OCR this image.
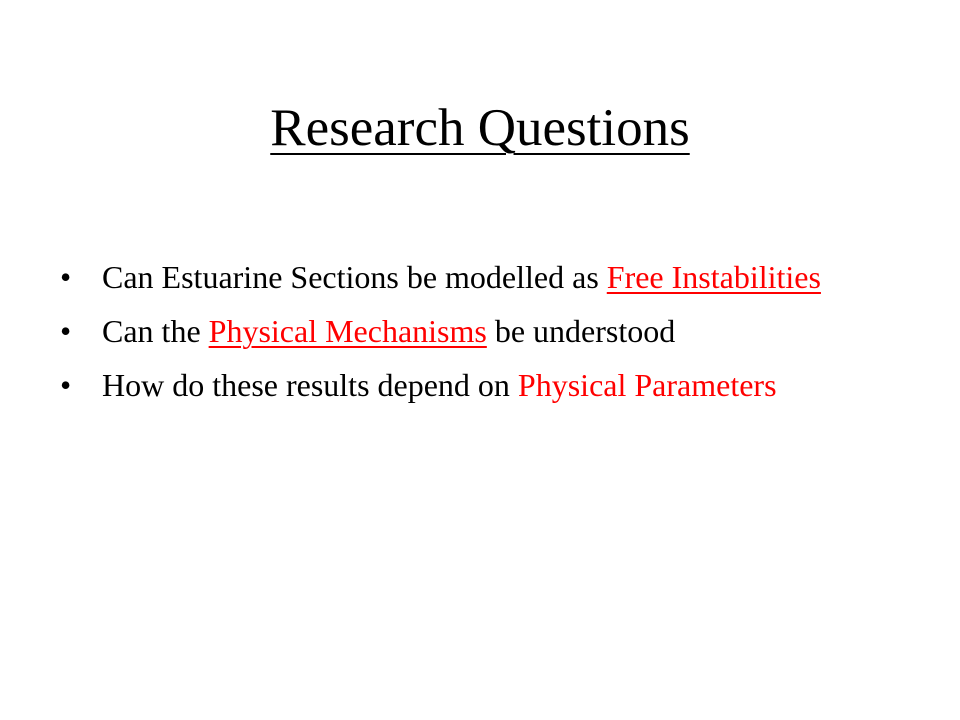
Research Questions
• Can Estuarine Sections be modelled as Free Instabilities
• Can the Physical Mechanisms be understood
• How do these results depend on Physical Parameters
